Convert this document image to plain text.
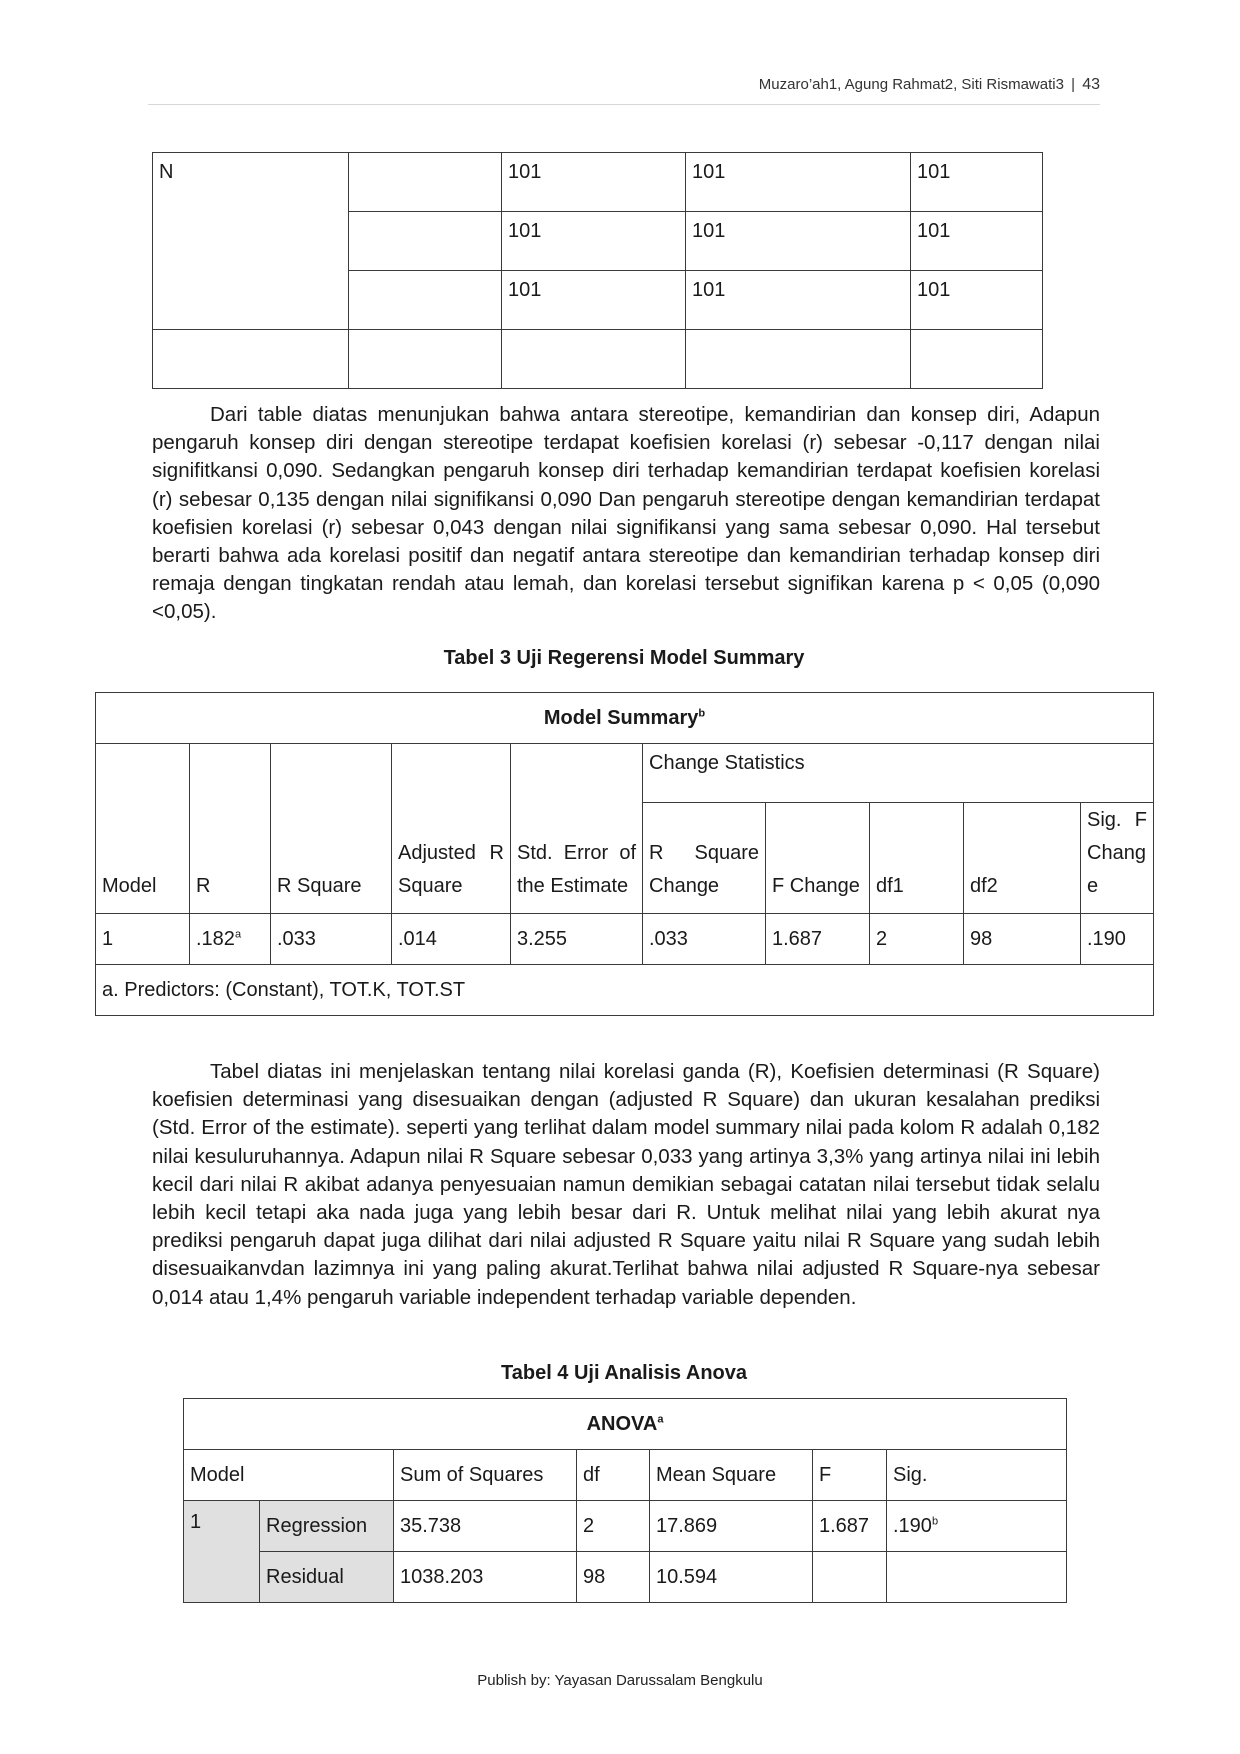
Muzaro’ah1, Agung Rahmat2, Siti Rismawati3 | 43
N		101	101	101
		101	101	101
		101	101	101

Dari table diatas menunjukan bahwa antara stereotipe, kemandirian dan konsep diri, Adapun pengaruh konsep diri dengan stereotipe terdapat koefisien korelasi (r) sebesar -0,117 dengan nilai signifitkansi 0,090. Sedangkan pengaruh konsep diri terhadap kemandirian terdapat koefisien korelasi (r) sebesar 0,135 dengan nilai signifikansi 0,090 Dan pengaruh stereotipe dengan kemandirian terdapat koefisien korelasi (r) sebesar 0,043 dengan nilai signifikansi yang sama sebesar 0,090. Hal tersebut berarti bahwa ada korelasi positif dan negatif antara stereotipe dan kemandirian terhadap konsep diri remaja dengan tingkatan rendah atau lemah, dan korelasi tersebut signifikan karena p < 0,05 (0,090 <0,05).

Tabel 3 Uji Regerensi Model Summary

Model Summary$^b$
Model	R	R Square	Adjusted R Square	Std. Error of the Estimate	Change Statistics				
					R Square Change	F Change	df1	df2	Sig. F Change
1	.182$^a$	.033	.014	3.255	.033	1.687	2	98	.190
a. Predictors: (Constant), TOT.K, TOT.ST									

Tabel diatas ini menjelaskan tentang nilai korelasi ganda (R), Koefisien determinasi (R Square) koefisien determinasi yang disesuaikan dengan (adjusted R Square) dan ukuran kesalahan prediksi (Std. Error of the estimate). seperti yang terlihat dalam model summary nilai pada kolom R adalah 0,182 nilai kesuluruhannya. Adapun nilai R Square sebesar 0,033 yang artinya 3,3% yang artinya nilai ini lebih kecil dari nilai R akibat adanya penyesuaian namun demikian sebagai catatan nilai tersebut tidak selalu lebih kecil tetapi aka nada juga yang lebih besar dari R. Untuk melihat nilai yang lebih akurat nya prediksi pengaruh dapat juga dilihat dari nilai adjusted R Square yaitu nilai R Square yang sudah lebih disesuaikanvdan lazimnya ini yang paling akurat.Terlihat bahwa nilai adjusted R Square-nya sebesar 0,014 atau 1,4% pengaruh variable independent terhadap variable dependen.

Tabel 4 Uji Analisis Anova

ANOVA$^a$
Model		Sum of Squares	df	Mean Square	F	Sig.
1	Regression	35.738	2	17.869	1.687	.190$^b$
	Residual	1038.203	98	10.594		
Publish by: Yayasan Darussalam Bengkulu
